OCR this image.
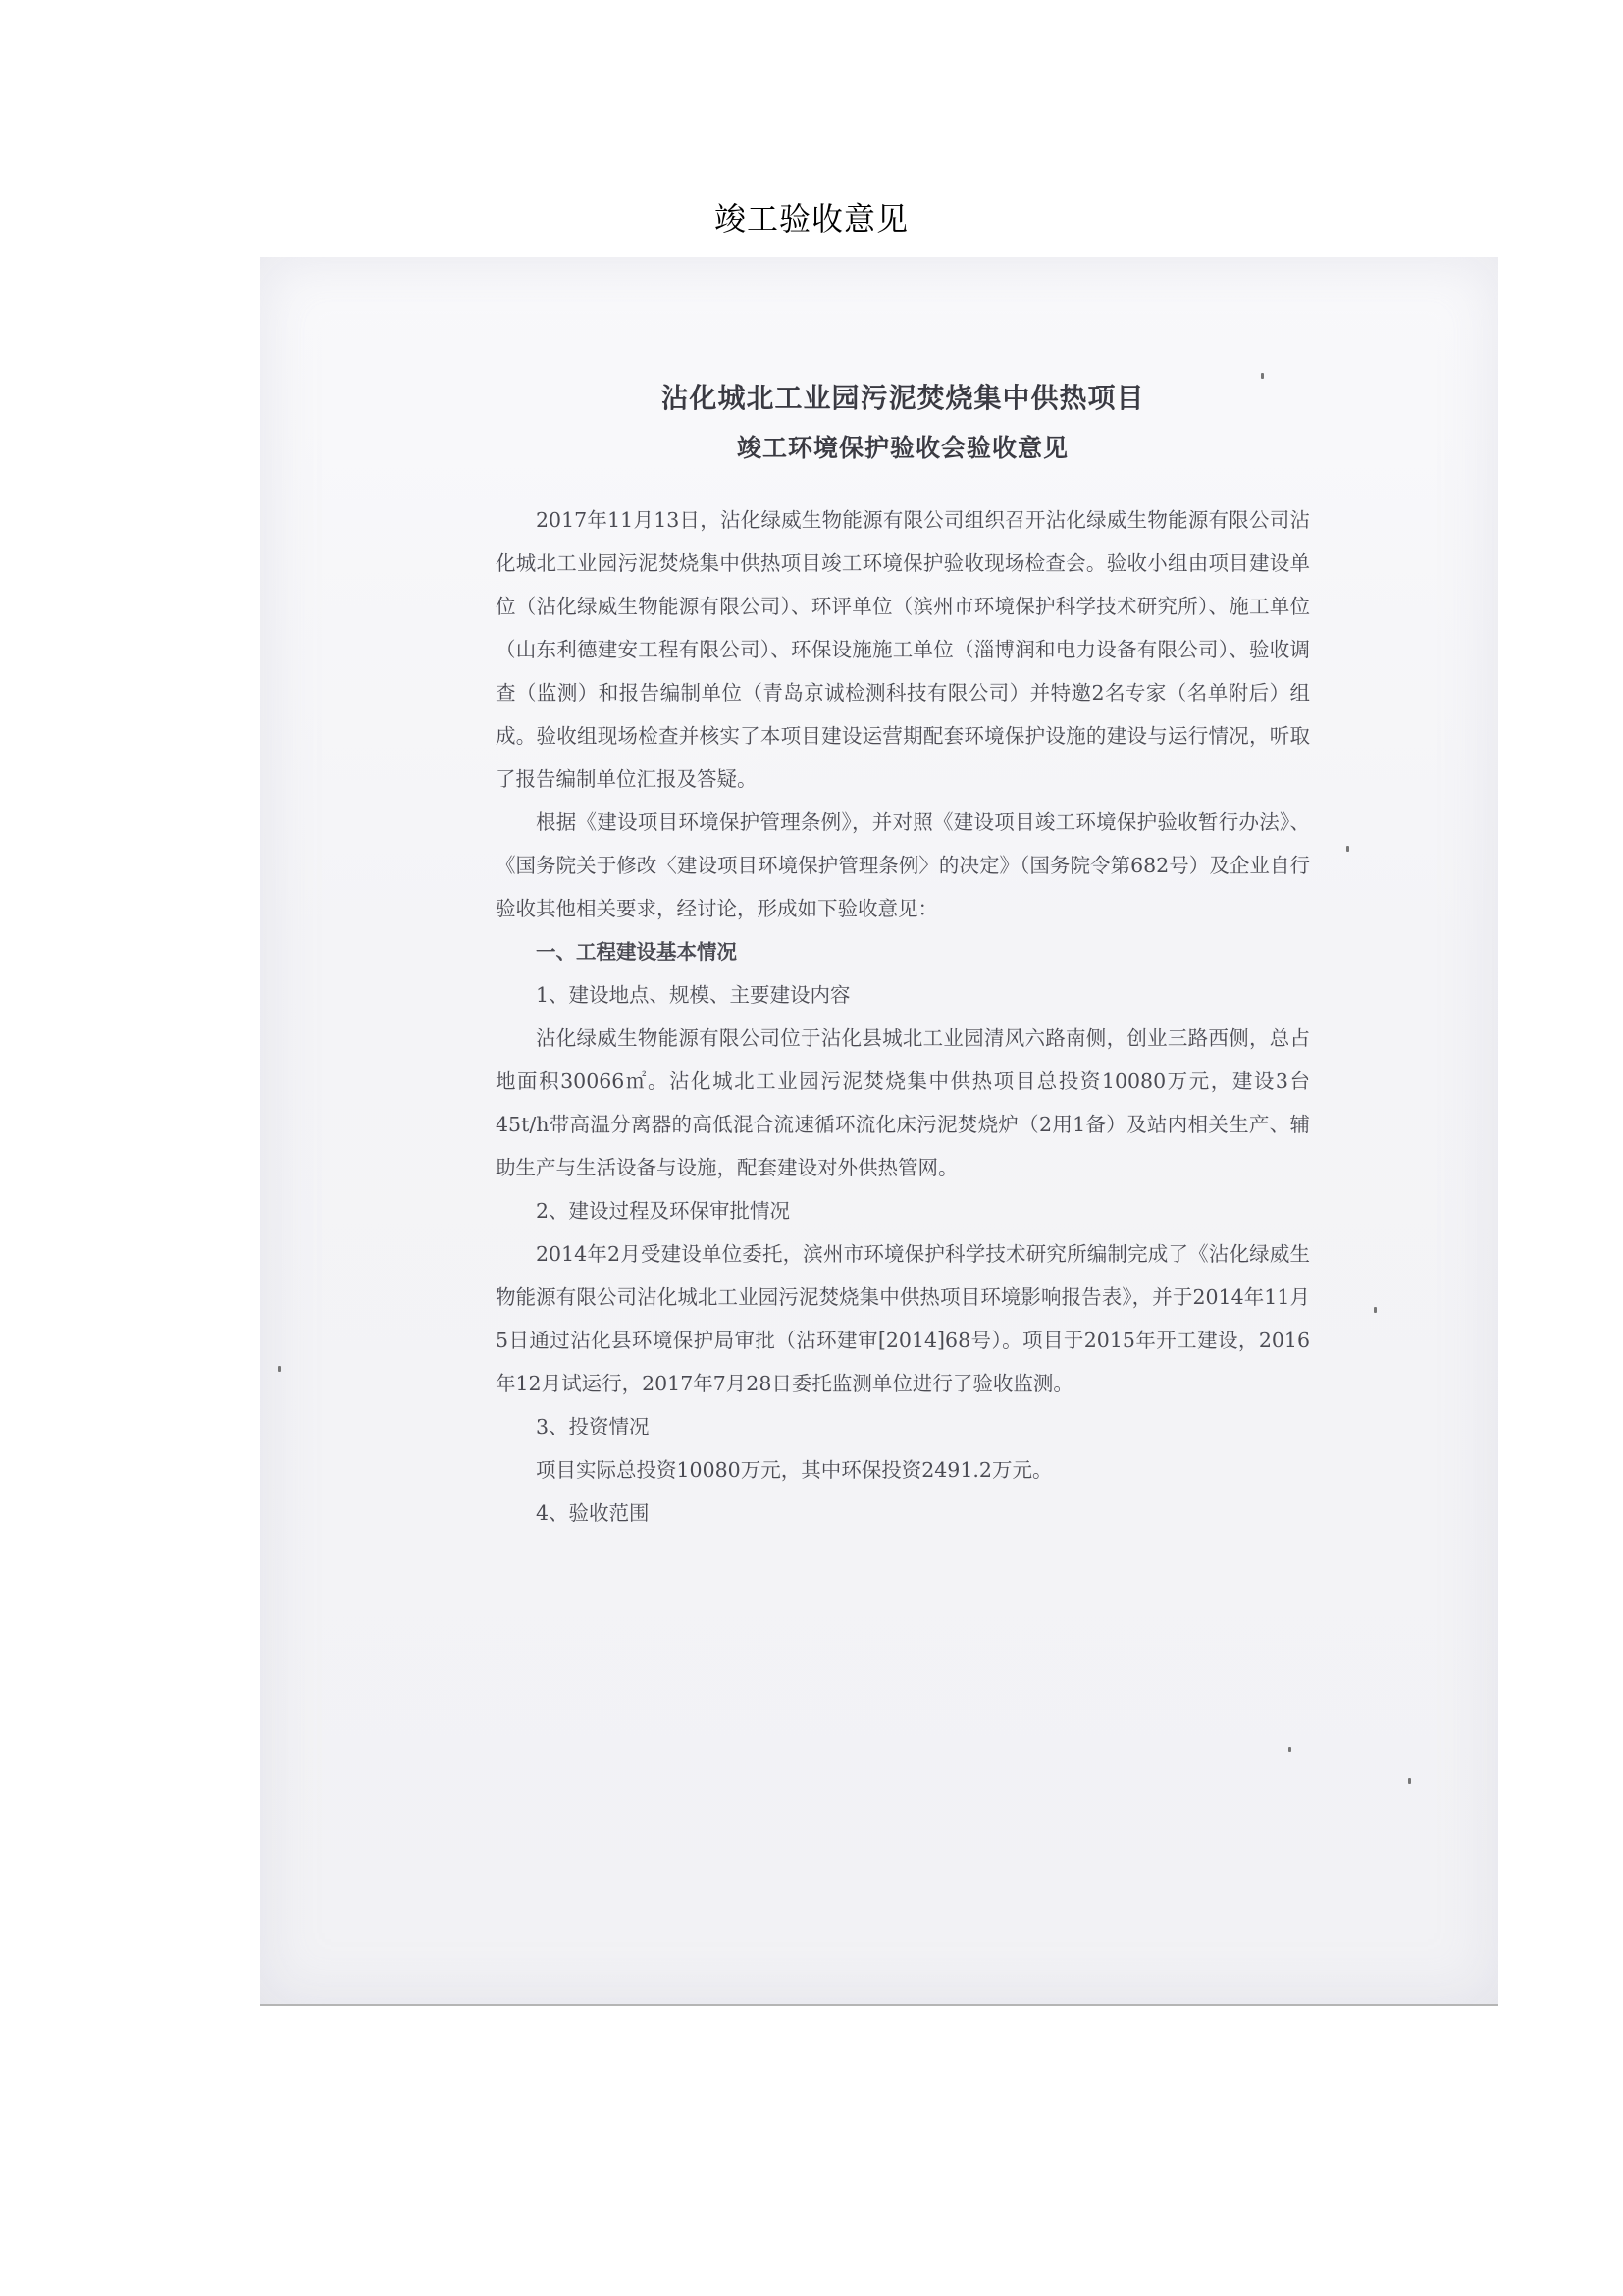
竣工验收意见
沾化城北工业园污泥焚烧集中供热项目
竣工环境保护验收会验收意见

2017年11月13日，沾化绿威生物能源有限公司组织召开沾化绿威生物能源有限公司沾化城北工业园污泥焚烧集中供热项目竣工环境保护验收现场检查会。验收小组由项目建设单位（沾化绿威生物能源有限公司）、环评单位（滨州市环境保护科学技术研究所）、施工单位（山东利德建安工程有限公司）、环保设施施工单位（淄博润和电力设备有限公司）、验收调查（监测）和报告编制单位（青岛京诚检测科技有限公司）并特邀2名专家（名单附后）组成。验收组现场检查并核实了本项目建设运营期配套环境保护设施的建设与运行情况，听取了报告编制单位汇报及答疑。

根据《建设项目环境保护管理条例》，并对照《建设项目竣工环境保护验收暂行办法》、《国务院关于修改〈建设项目环境保护管理条例〉的决定》（国务院令第682号）及企业自行验收其他相关要求，经讨论，形成如下验收意见：

一、工程建设基本情况

1、建设地点、规模、主要建设内容

沾化绿威生物能源有限公司位于沾化县城北工业园清风六路南侧，创业三路西侧，总占地面积30066㎡。沾化城北工业园污泥焚烧集中供热项目总投资10080万元，建设3台45t/h带高温分离器的高低混合流速循环流化床污泥焚烧炉（2用1备）及站内相关生产、辅助生产与生活设备与设施，配套建设对外供热管网。

2、建设过程及环保审批情况

2014年2月受建设单位委托，滨州市环境保护科学技术研究所编制完成了《沾化绿威生物能源有限公司沾化城北工业园污泥焚烧集中供热项目环境影响报告表》，并于2014年11月5日通过沾化县环境保护局审批（沾环建审[2014]68号）。项目于2015年开工建设，2016年12月试运行，2017年7月28日委托监测单位进行了验收监测。

3、投资情况

项目实际总投资10080万元，其中环保投资2491.2万元。

4、验收范围
